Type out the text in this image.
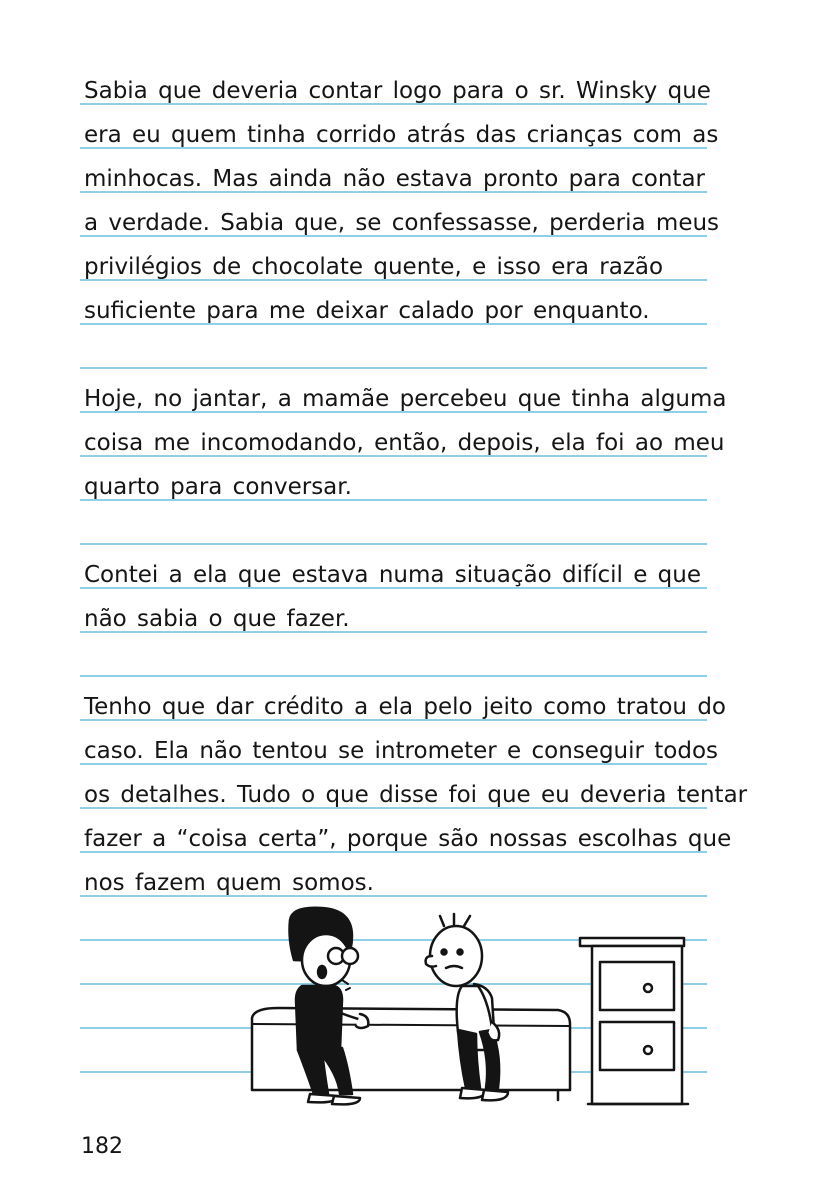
Sabia que deveria contar logo para o sr. Winsky que
era eu quem tinha corrido atrás das crianças com as
minhocas. Mas ainda não estava pronto para contar
a verdade. Sabia que, se confessasse, perderia meus
privilégios de chocolate quente, e isso era razão
suficiente para me deixar calado por enquanto.
Hoje, no jantar, a mamãe percebeu que tinha alguma
coisa me incomodando, então, depois, ela foi ao meu
quarto para conversar.
Contei a ela que estava numa situação difícil e que
não sabia o que fazer.
Tenho que dar crédito a ela pelo jeito como tratou do
caso. Ela não tentou se intrometer e conseguir todos
os detalhes. Tudo o que disse foi que eu deveria tentar
fazer a “coisa certa”, porque são nossas escolhas que
nos fazem quem somos.
182
